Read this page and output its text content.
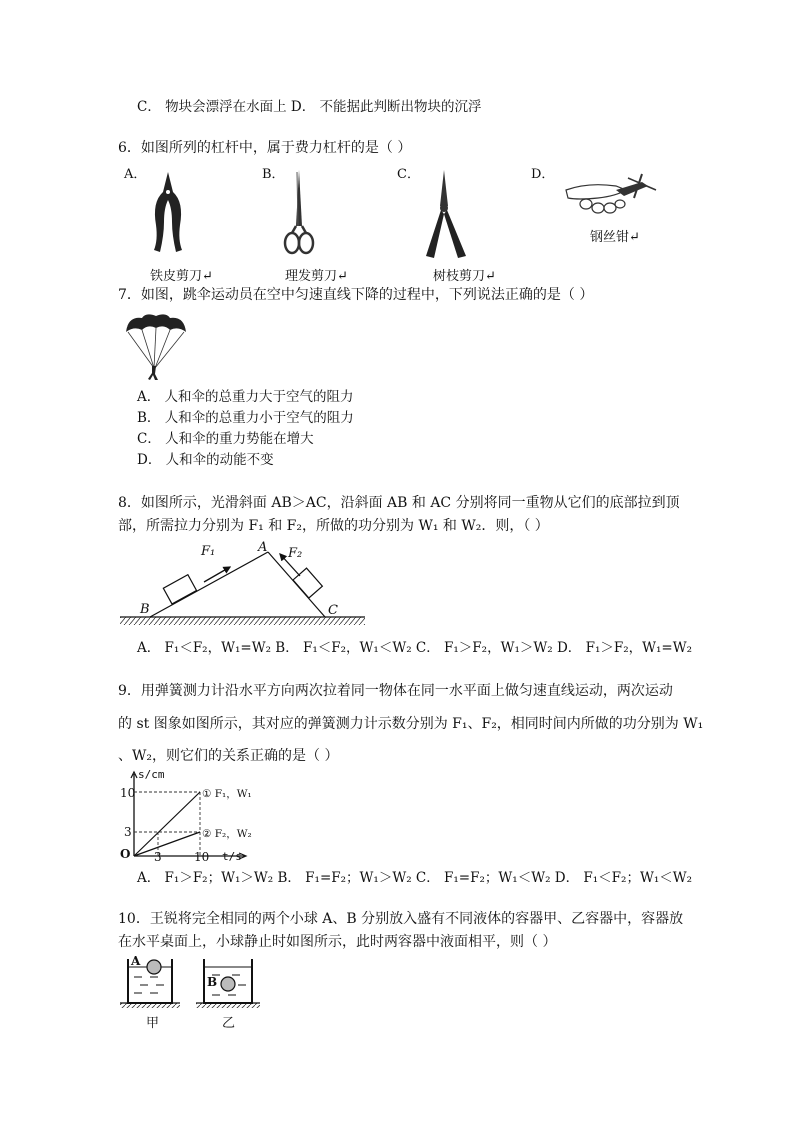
C． 物块会漂浮在水面上 D． 不能据此判断出物块的沉浮
6．如图所列的杠杆中，属于费力杠杆的是（ ）
A．	B．	C．	D．
铁皮剪刀↵	理发剪刀↵	树枝剪刀↵
钢丝钳↵
7．如图，跳伞运动员在空中匀速直线下降的过程中，下列说法正确的是（ ）
A． 人和伞的总重力大于空气的阻力
B． 人和伞的总重力小于空气的阻力
C． 人和伞的重力势能在增大
D． 人和伞的动能不变
8．如图所示，光滑斜面 AB＞AC，沿斜面 AB 和 AC 分别将同一重物从它们的底部拉到顶
部，所需拉力分别为 F₁ 和 F₂，所做的功分别为 W₁ 和 W₂．则，（ ）
F₁	A F₂
B	C
A． F₁＜F₂，W₁=W₂ B． F₁＜F₂，W₁＜W₂ C． F₁＞F₂，W₁＞W₂ D． F₁＞F₂，W₁=W₂
9．用弹簧测力计沿水平方向两次拉着同一物体在同一水平面上做匀速直线运动，两次运动
的 st 图象如图所示，其对应的弹簧测力计示数分别为 F₁、F₂，相同时间内所做的功分别为 W₁
、W₂，则它们的关系正确的是（ ）
s/cm
10
3
O 3	10 t/s
① F₁，W₁
② F₂，W₂
A． F₁＞F₂；W₁＞W₂ B． F₁=F₂；W₁＞W₂ C． F₁=F₂；W₁＜W₂ D． F₁＜F₂；W₁＜W₂
10．王锐将完全相同的两个小球 A、B 分别放入盛有不同液体的容器甲、乙容器中，容器放
在水平桌面上，小球静止时如图所示，此时两容器中液面相平，则（ ）
A
B
甲	乙
